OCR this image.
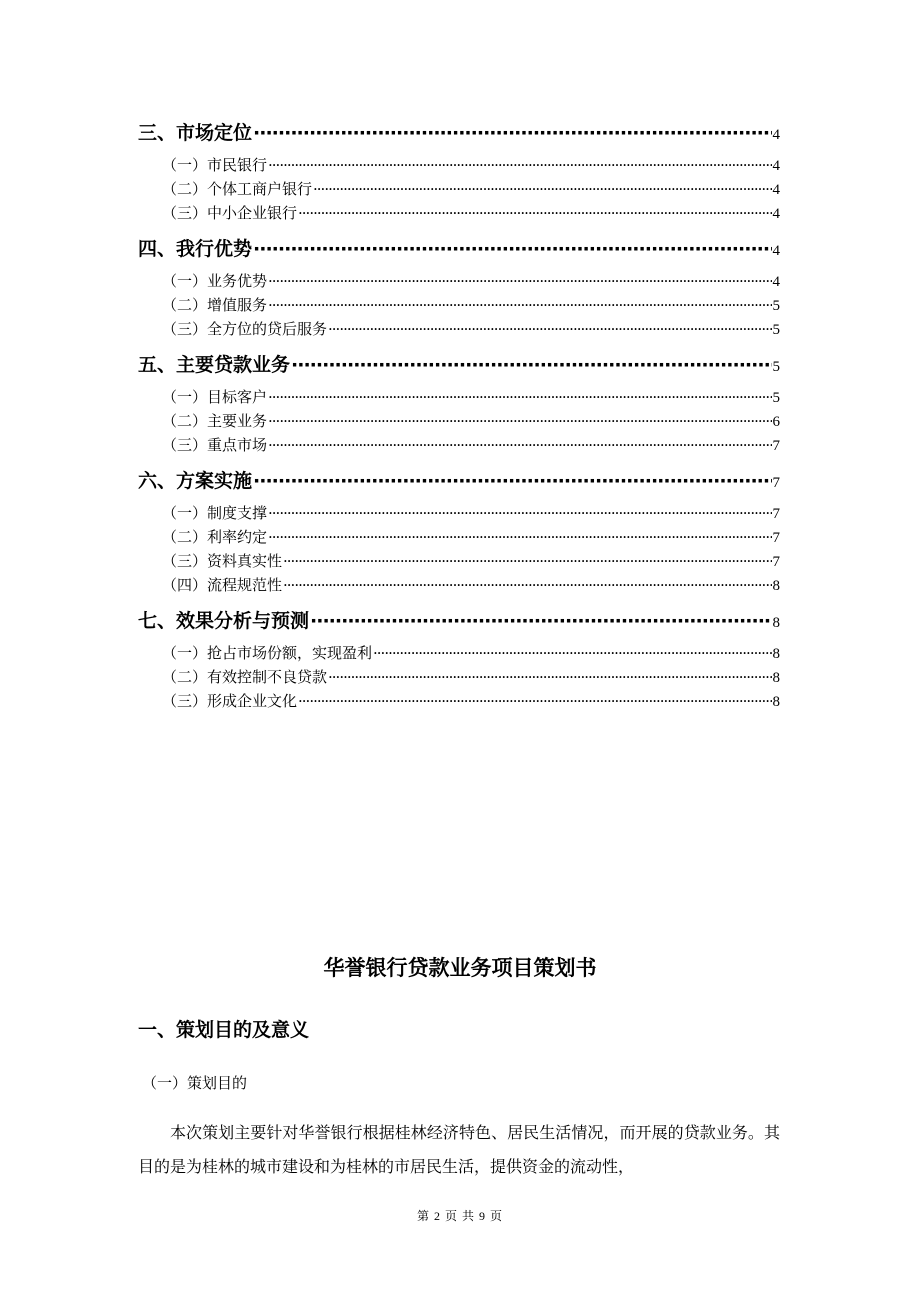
三、市场定位 ·····	4
（一）市民银行 ·····	4
（二）个体工商户银行 ·····	4
（三）中小企业银行 ·····	4
四、我行优势 ·····	4
（一）业务优势 ·····	4
（二）增值服务 ·····	5
（三）全方位的贷后服务 ·····	5
五、主要贷款业务 ·····	5
（一）目标客户 ·····	5
（二）主要业务 ·····	6
（三）重点市场 ·····	7
六、方案实施 ·····	7
（一）制度支撑 ·····	7
（二）利率约定 ·····	7
（三）资料真实性 ·····	7
（四）流程规范性 ·····	8
七、效果分析与预测 ·····	8
（一）抢占市场份额，实现盈利 ·····	8
（二）有效控制不良贷款 ·····	8
（三）形成企业文化 ·····	8
华誉银行贷款业务项目策划书
一、策划目的及意义
（一）策划目的
本次策划主要针对华誉银行根据桂林经济特色、居民生活情况，而开展的贷款业务。其目的是为桂林的城市建设和为桂林的市居民生活，提供资金的流动性，
第 2 页 共 9 页
